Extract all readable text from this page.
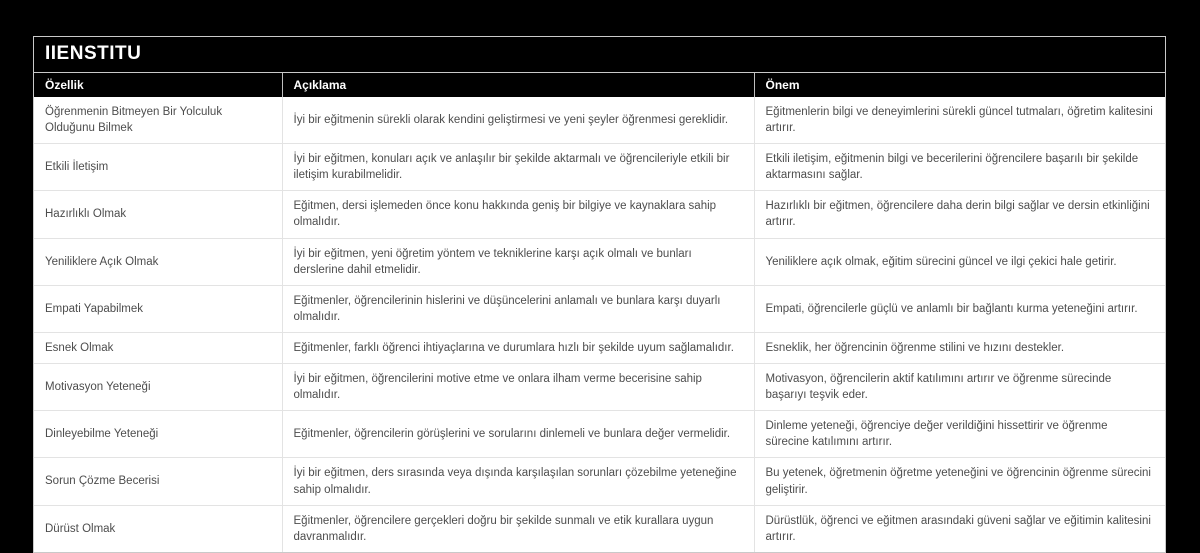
IIENSTITU
Özellik	Açıklama	Önem
Öğrenmenin Bitmeyen Bir Yolculuk Olduğunu Bilmek	İyi bir eğitmenin sürekli olarak kendini geliştirmesi ve yeni şeyler öğrenmesi gereklidir.	Eğitmenlerin bilgi ve deneyimlerini sürekli güncel tutmaları, öğretim kalitesini artırır.
Etkili İletişim	İyi bir eğitmen, konuları açık ve anlaşılır bir şekilde aktarmalı ve öğrencileriyle etkili bir iletişim kurabilmelidir.	Etkili iletişim, eğitmenin bilgi ve becerilerini öğrencilere başarılı bir şekilde aktarmasını sağlar.
Hazırlıklı Olmak	Eğitmen, dersi işlemeden önce konu hakkında geniş bir bilgiye ve kaynaklara sahip olmalıdır.	Hazırlıklı bir eğitmen, öğrencilere daha derin bilgi sağlar ve dersin etkinliğini artırır.
Yeniliklere Açık Olmak	İyi bir eğitmen, yeni öğretim yöntem ve tekniklerine karşı açık olmalı ve bunları derslerine dahil etmelidir.	Yeniliklere açık olmak, eğitim sürecini güncel ve ilgi çekici hale getirir.
Empati Yapabilmek	Eğitmenler, öğrencilerinin hislerini ve düşüncelerini anlamalı ve bunlara karşı duyarlı olmalıdır.	Empati, öğrencilerle güçlü ve anlamlı bir bağlantı kurma yeteneğini artırır.
Esnek Olmak	Eğitmenler, farklı öğrenci ihtiyaçlarına ve durumlara hızlı bir şekilde uyum sağlamalıdır.	Esneklik, her öğrencinin öğrenme stilini ve hızını destekler.
Motivasyon Yeteneği	İyi bir eğitmen, öğrencilerini motive etme ve onlara ilham verme becerisine sahip olmalıdır.	Motivasyon, öğrencilerin aktif katılımını artırır ve öğrenme sürecinde başarıyı teşvik eder.
Dinleyebilme Yeteneği	Eğitmenler, öğrencilerin görüşlerini ve sorularını dinlemeli ve bunlara değer vermelidir.	Dinleme yeteneği, öğrenciye değer verildiğini hissettirir ve öğrenme sürecine katılımını artırır.
Sorun Çözme Becerisi	İyi bir eğitmen, ders sırasında veya dışında karşılaşılan sorunları çözebilme yeteneğine sahip olmalıdır.	Bu yetenek, öğretmenin öğretme yeteneğini ve öğrencinin öğrenme sürecini geliştirir.
Dürüst Olmak	Eğitmenler, öğrencilere gerçekleri doğru bir şekilde sunmalı ve etik kurallara uygun davranmalıdır.	Dürüstlük, öğrenci ve eğitmen arasındaki güveni sağlar ve eğitimin kalitesini artırır.
